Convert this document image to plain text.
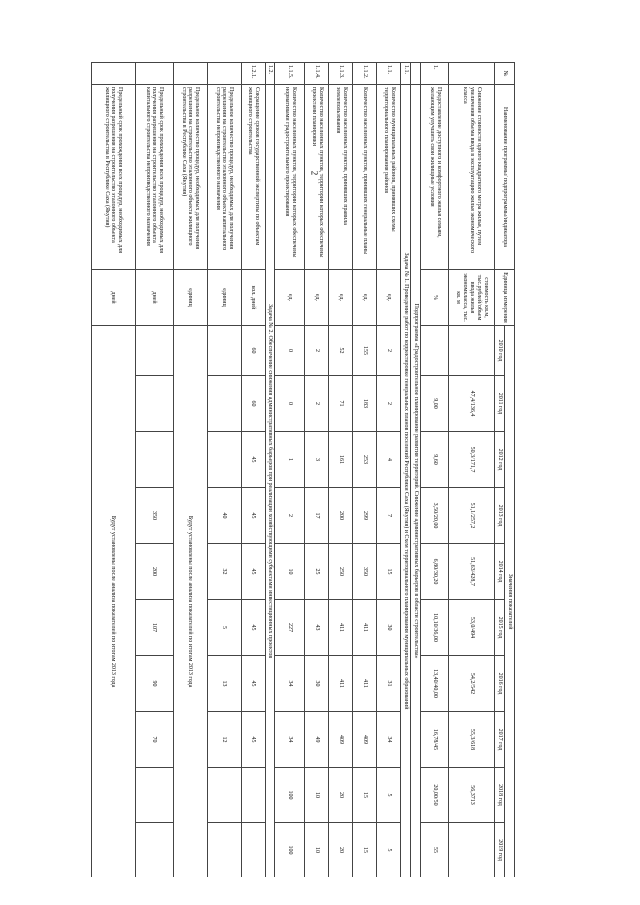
2
№	Наименование программы/ подпрограммы/индикатора	Единица измерения	Значения показателей									
			2010 год	2011 год	2012 год	2013 год	2014 год	2015 год	2016 год	2017 год	2018 год	2019 год
	Снижение стоимости одного квадратного метра жилья, путем увеличения объема ввода в эксплуатацию жилья экономического класса	стоимость кв.м, тыс.рублей/объем ввода жилья экономкласса, тыс. кв. м		47,4/136,4	50,3/171,7	51,1/257,2	51,63/428,7	53,0/494	54,2/542	55,3/618	56,3713	
1.	Предоставление доступного и комфортного жилья семьям, желающим улучшить свои жилищные условия	%		9,00	9,60	3,50/20,00	6,80/30,20	10,10/36,00	13,40/40,00	16,78/45	20,00/50	55
	Подпрограмма «Градостроительное планирование развития территорий. Снижение административных барьеров в области строительства»											
1.1.	Задача № 1. Проведение работ по корректировке генеральных планов поселений Республики Саха (Якутия) и Схем территориального планирования муниципальных образований											
1.1.	Количество муниципальных районов, принявших схемы территориального планирования районов	ед.	2	2	4	7	15	30	31	34	5	5
1.1.2.	Количество населенных пунктов, принявших генеральные планы	ед.	155	183	253	299	350	411	411	409	15	15
1.1.3.	Количество населенных пунктов, принявших правила землепользования	ед.	52	71	161	200	250	411	411	409	20	20
1.1.4.	Количество населенных пунктов, территории которых обеспечены проектами планировки	ед.	2	2	3	17	25	43	30	49	10	10
1.1.5.	Количество населенных пунктов, территории которых обеспечены нормативами градостроительного проектирования	ед.	0	0	1	2	10	227	34	34	100	100
1.2.	Задача № 2. Обеспечение снижения административных барьеров при реализации хозяйствующими субъектами инвестиционных проектов											
1.2.1.	Сокращение сроков государственной экспертизы по объектам жилищного строительства	кол. дней	60	60	45	45	45	45	45	45		
	Предельное количество процедур, необходимых для получения разрешения на строительство эталонного объекта капитального строительства непроизводственного назначения	единиц				40	32	5	13	12		
	Предельное количество процедур, необходимых для получения разрешения на строительство эталонного объекта жилищного строительства в Республике Саха (Якутия)	единиц	Будут установлены после анализа показателей по итогам 2013 года									
	Предельный срок прохождения всех процедур, необходимых для получения разрешения на строительство эталонного объекта капитального строительства непроизводственного назначения	дней				350	200	107	90	70		
	Предельный срок прохождения всех процедур, необходимых для получения разрешения на строительство эталонного объекта жилищного строительства в Республике Саха (Якутия)	дней	Будут установлены после анализа показателей по итогам 2013 года									
